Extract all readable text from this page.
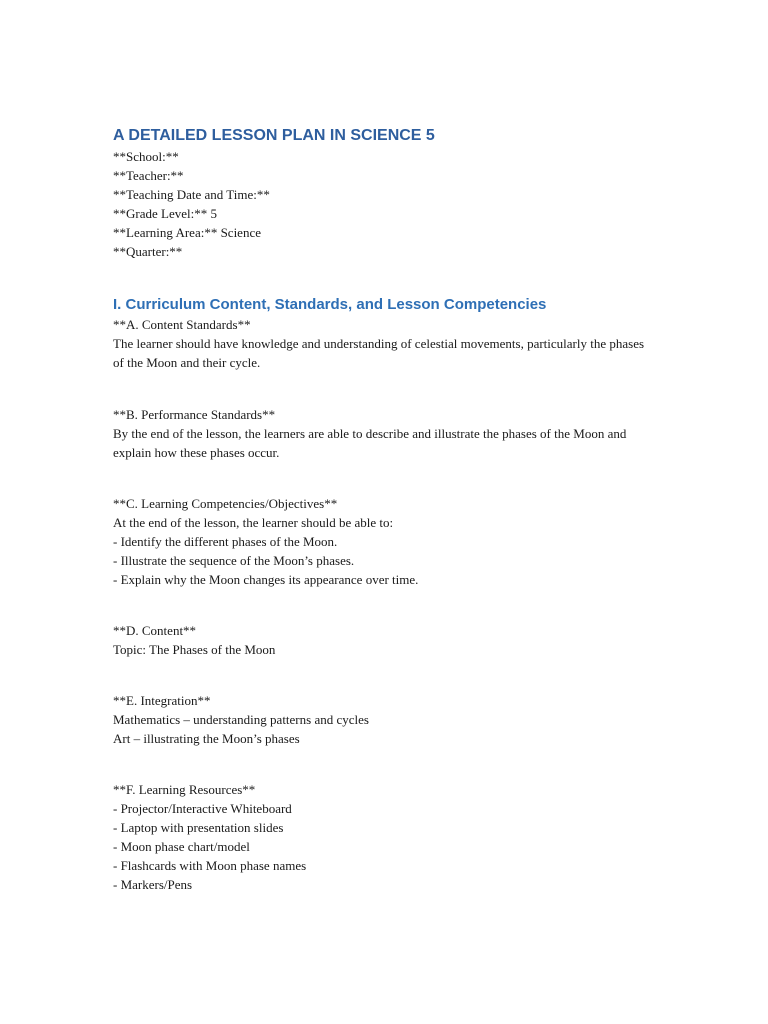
A DETAILED LESSON PLAN IN SCIENCE 5

**School:**

**Teacher:**

**Teaching Date and Time:**

**Grade Level:** 5

**Learning Area:** Science

**Quarter:**

I. Curriculum Content, Standards, and Lesson Competencies

**A. Content Standards**

The learner should have knowledge and understanding of celestial movements, particularly the phases of the Moon and their cycle.

**B. Performance Standards**

By the end of the lesson, the learners are able to describe and illustrate the phases of the Moon and explain how these phases occur.

**C. Learning Competencies/Objectives**

At the end of the lesson, the learner should be able to:

- Identify the different phases of the Moon.

- Illustrate the sequence of the Moon’s phases.

- Explain why the Moon changes its appearance over time.

**D. Content**

Topic: The Phases of the Moon

**E. Integration**

Mathematics – understanding patterns and cycles

Art – illustrating the Moon’s phases

**F. Learning Resources**

- Projector/Interactive Whiteboard

- Laptop with presentation slides

- Moon phase chart/model

- Flashcards with Moon phase names

- Markers/Pens
